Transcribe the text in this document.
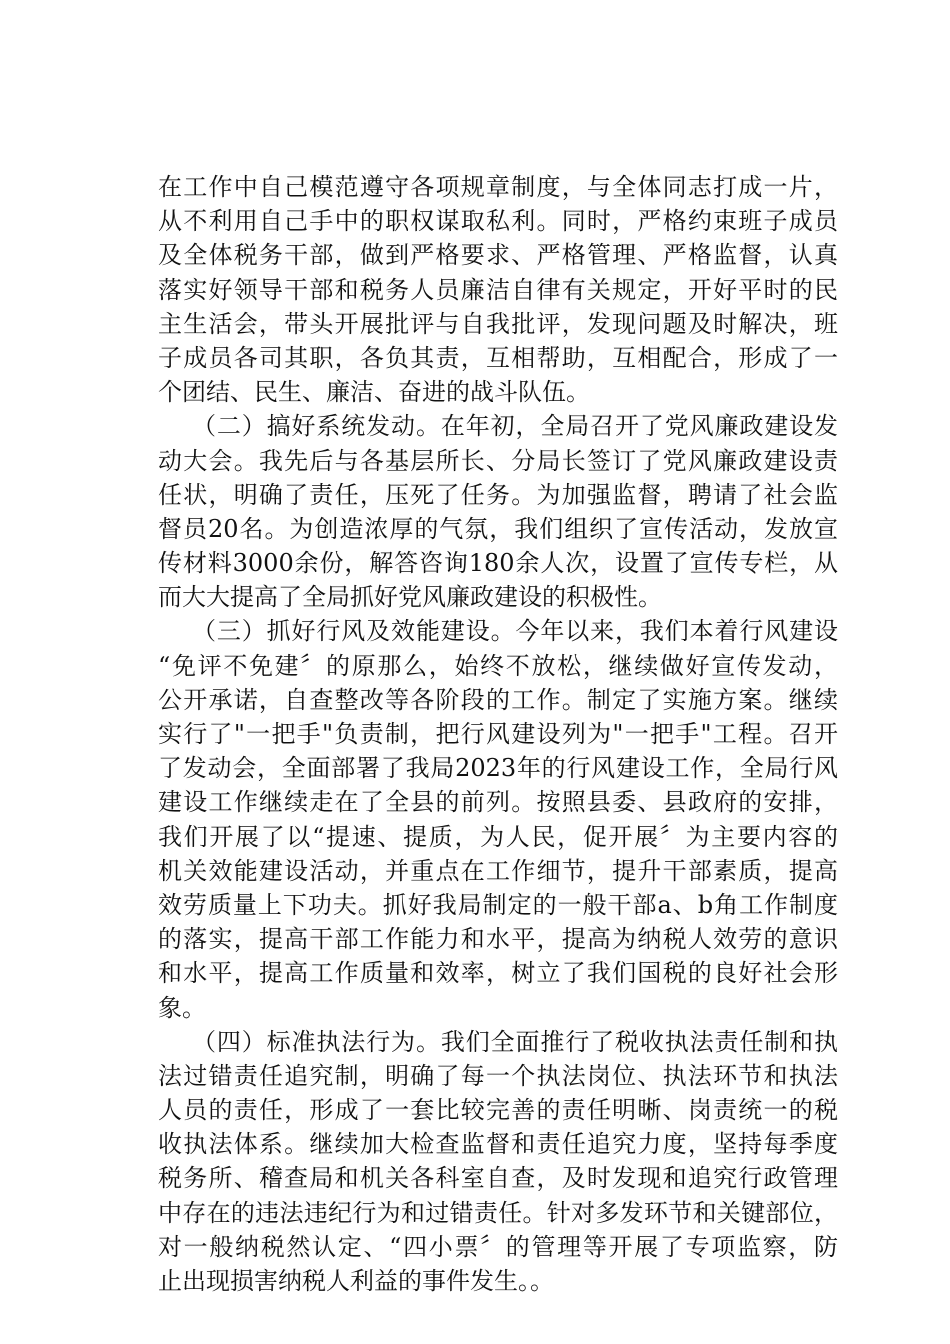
在工作中自己模范遵守各项规章制度，与全体同志打成一片，
从不利用自己手中的职权谋取私利。同时，严格约束班子成员
及全体税务干部，做到严格要求、严格管理、严格监督，认真
落实好领导干部和税务人员廉洁自律有关规定，开好平时的民
主生活会，带头开展批评与自我批评，发现问题及时解决，班
子成员各司其职，各负其责，互相帮助，互相配合，形成了一
个团结、民生、廉洁、奋进的战斗队伍。
（二）搞好系统发动。在年初，全局召开了党风廉政建设发
动大会。我先后与各基层所长、分局长签订了党风廉政建设责
任状，明确了责任，压死了任务。为加强监督，聘请了社会监
督员20名。为创造浓厚的气氛，我们组织了宣传活动，发放宣
传材料3000余份，解答咨询180余人次，设置了宣传专栏，从
而大大提高了全局抓好党风廉政建设的积极性。
（三）抓好行风及效能建设。今年以来，我们本着行风建设
“免评不免建〞的原那么，始终不放松，继续做好宣传发动，
公开承诺，自查整改等各阶段的工作。制定了实施方案。继续
实行了"一把手"负责制，把行风建设列为"一把手"工程。召开
了发动会，全面部署了我局2023年的行风建设工作，全局行风
建设工作继续走在了全县的前列。按照县委、县政府的安排，
我们开展了以“提速、提质，为人民，促开展〞为主要内容的
机关效能建设活动，并重点在工作细节，提升干部素质，提高
效劳质量上下功夫。抓好我局制定的一般干部a、b角工作制度
的落实，提高干部工作能力和水平，提高为纳税人效劳的意识
和水平，提高工作质量和效率，树立了我们国税的良好社会形
象。
（四）标准执法行为。我们全面推行了税收执法责任制和执
法过错责任追究制，明确了每一个执法岗位、执法环节和执法
人员的责任，形成了一套比较完善的责任明晰、岗责统一的税
收执法体系。继续加大检查监督和责任追究力度，坚持每季度
税务所、稽查局和机关各科室自查，及时发现和追究行政管理
中存在的违法违纪行为和过错责任。针对多发环节和关键部位，
对一般纳税然认定、“四小票〞的管理等开展了专项监察，防
止出现损害纳税人利益的事件发生。。
